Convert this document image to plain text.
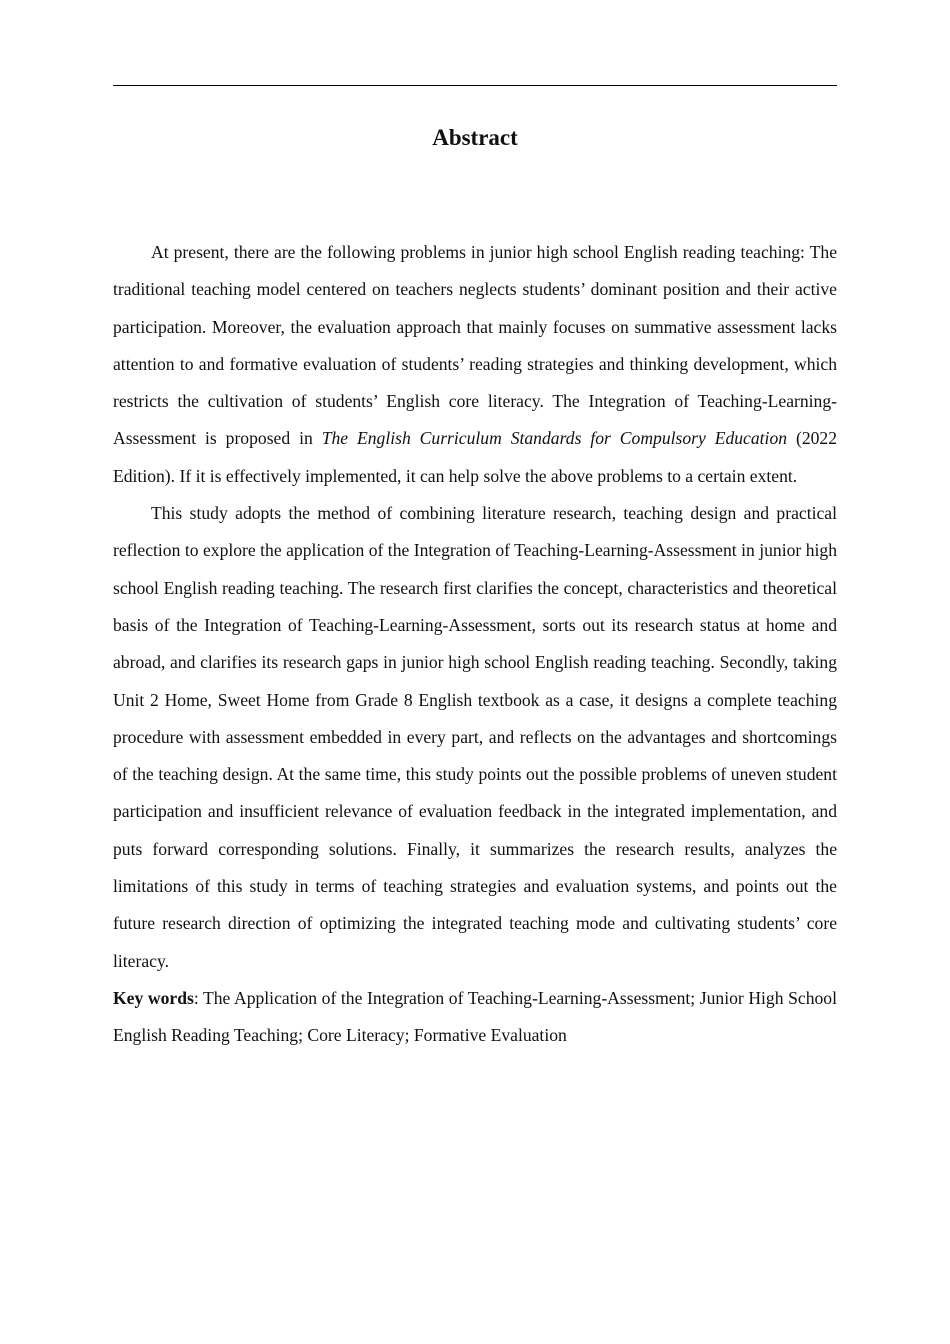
Abstract

At present, there are the following problems in junior high school English reading teaching: The traditional teaching model centered on teachers neglects students’ dominant position and their active participation. Moreover, the evaluation approach that mainly focuses on summative assessment lacks attention to and formative evaluation of students’ reading strategies and thinking development, which restricts the cultivation of students’ English core literacy. The Integration of Teaching-Learning-Assessment is proposed in The English Curriculum Standards for Compulsory Education (2022 Edition). If it is effectively implemented, it can help solve the above problems to a certain extent.

This study adopts the method of combining literature research, teaching design and practical reflection to explore the application of the Integration of Teaching-Learning-Assessment in junior high school English reading teaching. The research first clarifies the concept, characteristics and theoretical basis of the Integration of Teaching-Learning-Assessment, sorts out its research status at home and abroad, and clarifies its research gaps in junior high school English reading teaching. Secondly, taking Unit 2 Home, Sweet Home from Grade 8 English textbook as a case, it designs a complete teaching procedure with assessment embedded in every part, and reflects on the advantages and shortcomings of the teaching design. At the same time, this study points out the possible problems of uneven student participation and insufficient relevance of evaluation feedback in the integrated implementation, and puts forward corresponding solutions. Finally, it summarizes the research results, analyzes the limitations of this study in terms of teaching strategies and evaluation systems, and points out the future research direction of optimizing the integrated teaching mode and cultivating students’ core literacy.

Key words: The Application of the Integration of Teaching-Learning-Assessment; Junior High School English Reading Teaching; Core Literacy; Formative Evaluation
